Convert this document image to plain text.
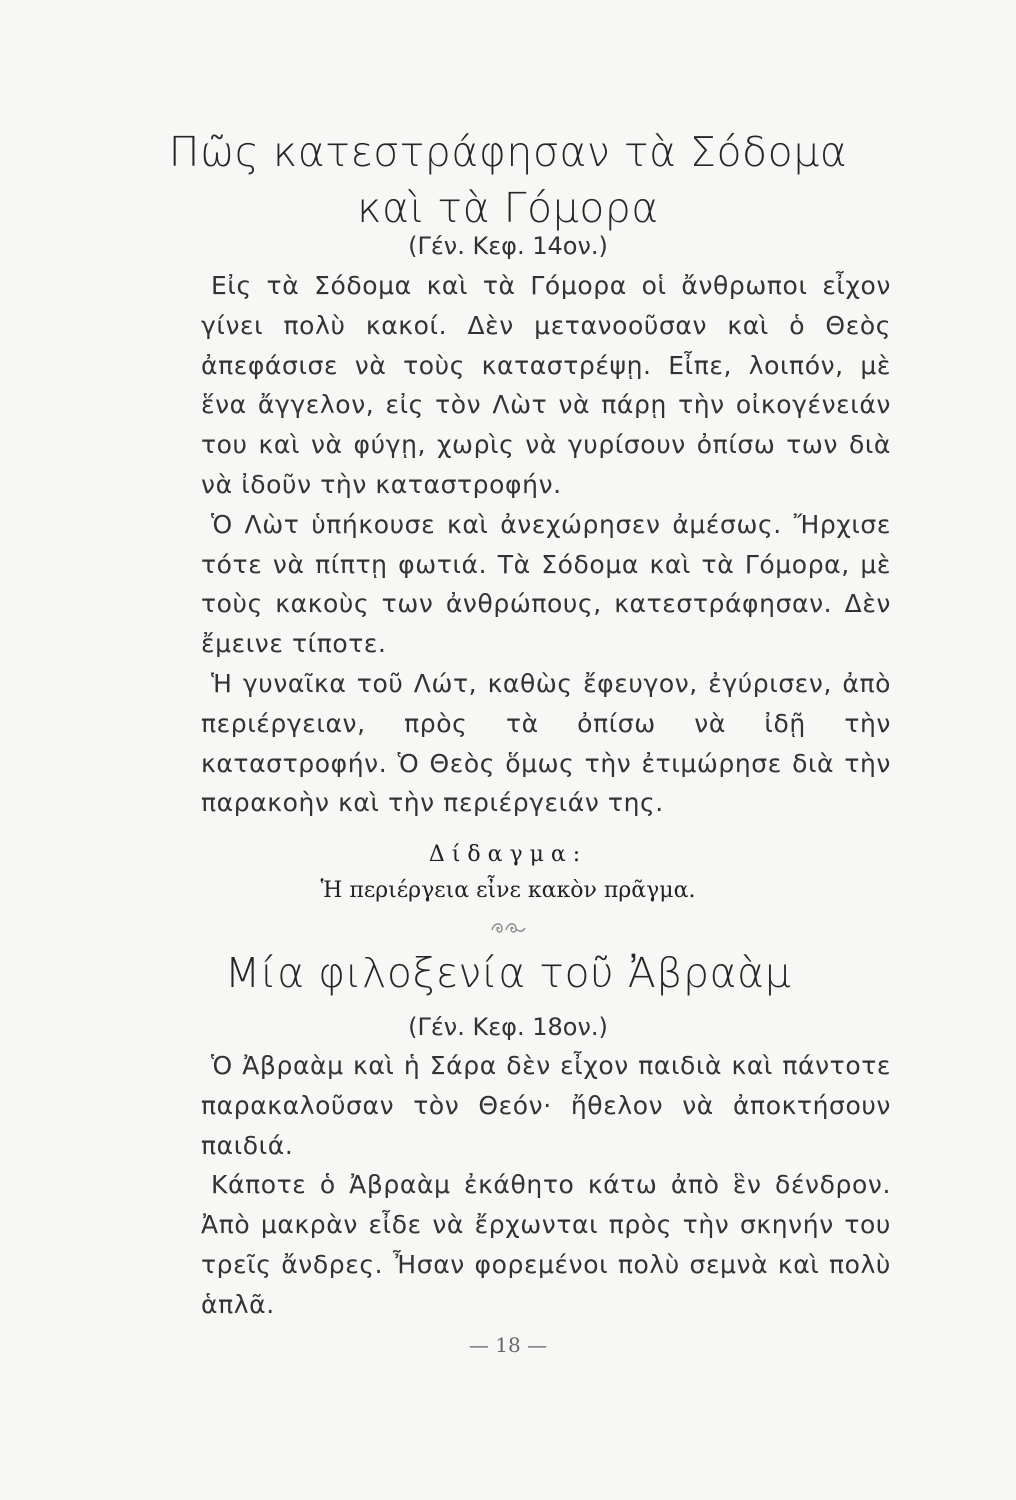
Πῶς κατεστράφησαν τὰ Σόδομα
καὶ τὰ Γόμορα
(Γέν. Κεφ. 14ον.)

Εἰς τὰ Σόδομα καὶ τὰ Γόμορα οἱ ἄνθρωποι εἶχον γίνει πολὺ κακοί. Δὲν μετανοοῦσαν καὶ ὁ Θεὸς ἀπεφάσισε νὰ τοὺς καταστρέψῃ. Εἶπε, λοιπόν, μὲ ἕνα ἄγγελον, εἰς τὸν Λὼτ νὰ πάρῃ τὴν οἰκογένειάν του καὶ νὰ φύγῃ, χωρὶς νὰ γυρίσουν ὀπίσω των διὰ νὰ ἰδοῦν τὴν καταστροφήν.

Ὁ Λὼτ ὑπήκουσε καὶ ἀνεχώρησεν ἀμέσως. Ἤρχισε τότε νὰ πίπτῃ φωτιά. Τὰ Σόδομα καὶ τὰ Γόμορα, μὲ τοὺς κακοὺς των ἀνθρώπους, κατεστράφησαν. Δὲν ἔμεινε τίποτε.

Ἡ γυναῖκα τοῦ Λώτ, καθὼς ἔφευγον, ἐγύρισεν, ἀπὸ περιέργειαν, πρὸς τὰ ὀπίσω νὰ ἰδῇ τὴν καταστροφήν. Ὁ Θεὸς ὅμως τὴν ἐτιμώρησε διὰ τὴν παρακοὴν καὶ τὴν περιέργειάν της.

Δίδαγμα:
Ἡ περιέργεια εἶνε κακὸν πρᾶγμα.
Μία φιλοξενία τοῦ Ἀβραὰμ
(Γέν. Κεφ. 18ον.)

Ὁ Ἀβραὰμ καὶ ἡ Σάρα δὲν εἶχον παιδιὰ καὶ πάντοτε παρακαλοῦσαν τὸν Θεόν· ἤθελον νὰ ἀποκτήσουν παιδιά.

Κάποτε ὁ Ἀβραὰμ ἐκάθητο κάτω ἀπὸ ἓν δένδρον. Ἀπὸ μακρὰν εἶδε νὰ ἔρχωνται πρὸς τὴν σκηνήν του τρεῖς ἄνδρες. Ἦσαν φορεμένοι πολὺ σεμνὰ καὶ πολὺ ἁπλᾶ.

— 18 —
